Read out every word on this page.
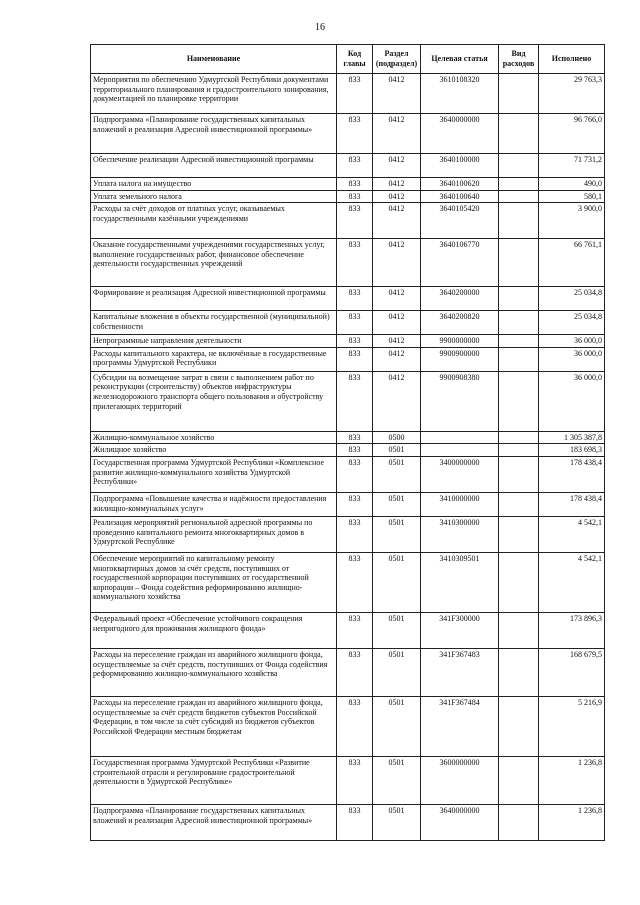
16
Наименование	Код главы	Раздел (подраздел)	Целевая статья	Вид расходов	Исполнено
Мероприятия по обеспечению Удмуртской Республики документами территориального планирования и градостроительного зонирования, документацией по планировке территории	833	0412	3610108320		29 763,3
Подпрограмма «Планирование государственных капитальных вложений и реализация Адресной инвестиционной программы»	833	0412	3640000000		96 766,0
Обеспечение реализации Адресной инвестиционной программы	833	0412	3640100000		71 731,2
Уплата налога на имущество	833	0412	3640100620		490,0
Уплата земельного налога	833	0412	3640100640		580,1
Расходы за счёт доходов от платных услуг, оказываемых государственными казёнными учреждениями	833	0412	3640105420		3 900,0
Оказание государственными учреждениями государственных услуг, выполнение государственных работ, финансовое обеспечение деятельности государственных учреждений	833	0412	3640106770		66 761,1
Формирование и реализация Адресной инвестиционной программы	833	0412	3640200000		25 034,8
Капитальные вложения в объекты государственной (муниципальной) собственности	833	0412	3640200820		25 034,8
Непрограммные направления деятельности	833	0412	9900000000		36 000,0
Расходы капитального характера, не включённые в государственные программы Удмуртской Республики	833	0412	9900900000		36 000,0
Субсидии на возмещение затрат в связи с выполнением работ по реконструкции (строительству) объектов инфраструктуры железнодорожного транспорта общего пользования и обустройству прилегающих территорий	833	0412	9900908380		36 000,0
Жилищно-коммунальное хозяйство	833	0500			1 305 387,8
Жилищное хозяйство	833	0501			183 698,3
Государственная программа Удмуртской Республики «Комплексное развитие жилищно-коммунального хозяйства Удмуртской Республики»	833	0501	3400000000		178 438,4
Подпрограмма «Повышение качества и надёжности предоставления жилищно-коммунальных услуг»	833	0501	3410000000		178 438,4
Реализация мероприятий региональной адресной программы по проведению капитального ремонта многоквартирных домов в Удмуртской Республике	833	0501	3410300000		4 542,1
Обеспечение мероприятий по капитальному ремонту многоквартирных домов за счёт средств, поступивших от государственной корпорации поступивших от государственной корпорации – Фонда содействия реформированию жилищно-коммунального хозяйства	833	0501	3410309501		4 542,1
Федеральный проект «Обеспечение устойчивого сокращения непригодного для проживания жилищного фонда»	833	0501	341F300000		173 896,3
Расходы на переселение граждан из аварийного жилищного фонда, осуществляемые за счёт средств, поступивших от Фонда содействия реформированию жилищно-коммунального хозяйства	833	0501	341F367483		168 679,5
Расходы на переселение граждан из аварийного жилищного фонда, осуществляемые за счёт средств бюджетов субъектов Российской Федерации, в том числе за счёт субсидий из бюджетов субъектов Российской Федерации местным бюджетам	833	0501	341F367484		5 216,9
Государственная программа Удмуртской Республики «Развитие строительной отрасли и регулирование градостроительной деятельности в Удмуртской Республике»	833	0501	3600000000		1 236,8
Подпрограмма «Планирование государственных капитальных вложений и реализация Адресной инвестиционной программы»	833	0501	3640000000		1 236,8
